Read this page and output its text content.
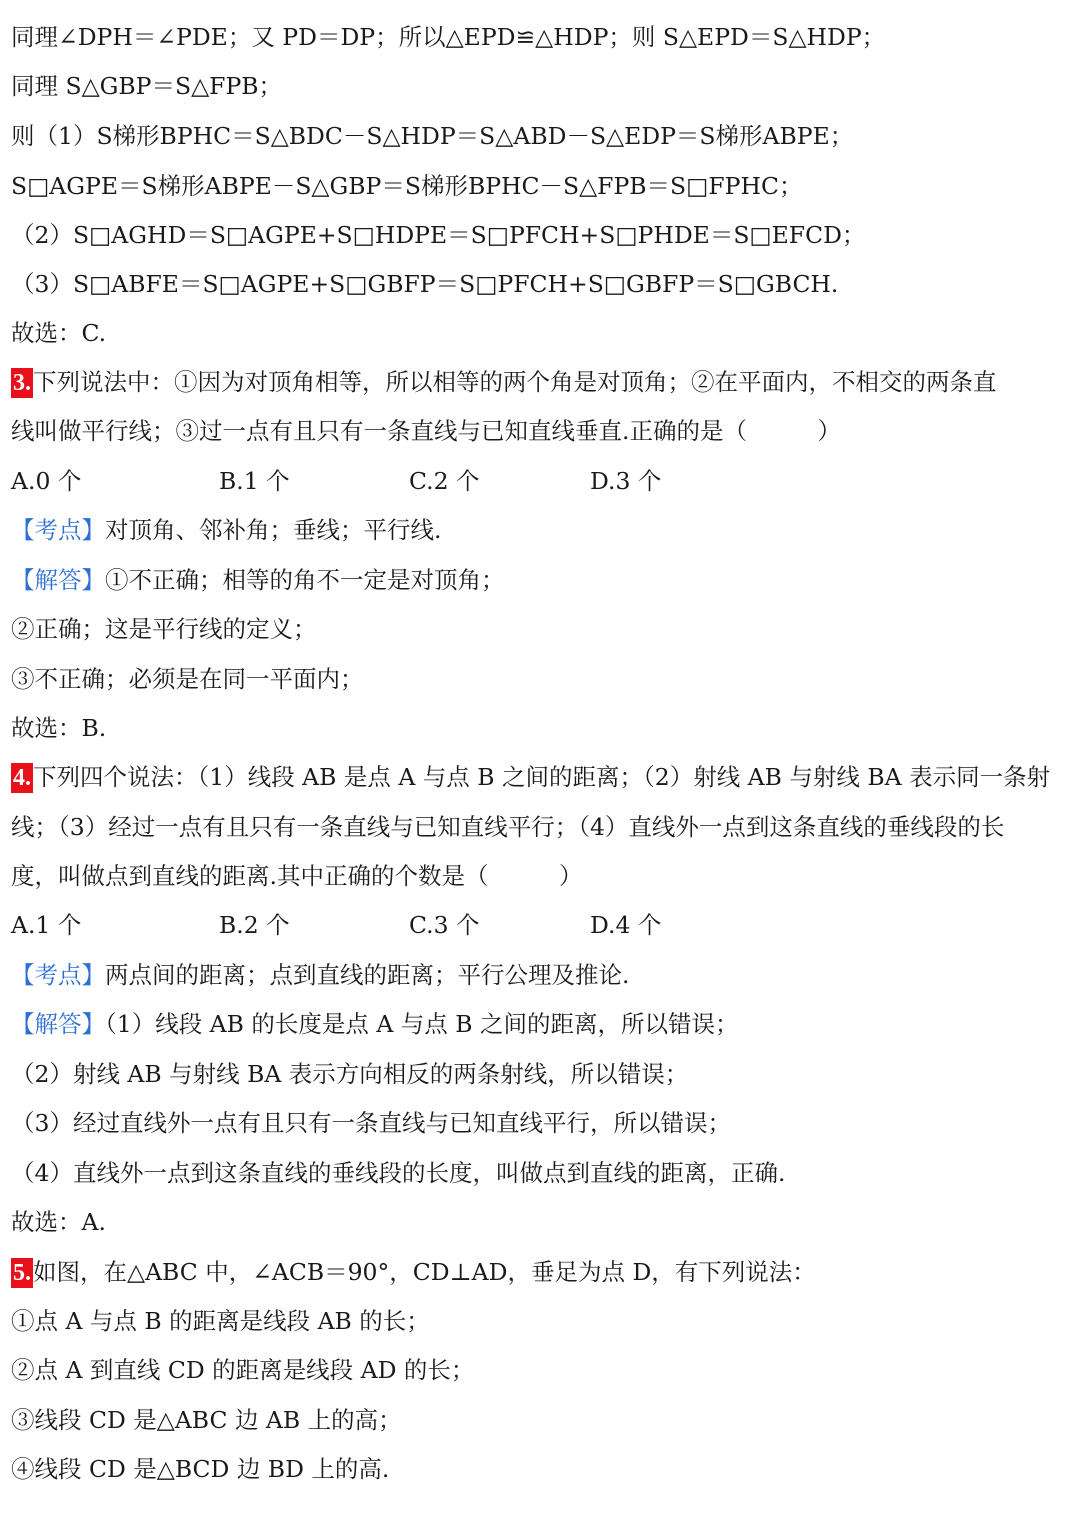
同理∠DPH＝∠PDE；又 PD＝DP；所以△EPD≌△HDP；则 S△EPD＝S△HDP；
同理 S△GBP＝S△FPB；
则（1）S梯形BPHC＝S△BDC－S△HDP＝S△ABD－S△EDP＝S梯形ABPE；
S□AGPE＝S梯形ABPE－S△GBP＝S梯形BPHC－S△FPB＝S□FPHC；
（2）S□AGHD＝S□AGPE+S□HDPE＝S□PFCH+S□PHDE＝S□EFCD；
（3）S□ABFE＝S□AGPE+S□GBFP＝S□PFCH+S□GBFP＝S□GBCH.
故选：C.
3.下列说法中：①因为对顶角相等，所以相等的两个角是对顶角；②在平面内，不相交的两条直
线叫做平行线；③过一点有且只有一条直线与已知直线垂直.正确的是（　　　）
A.0 个	B.1 个	C.2 个	D.3 个
【考点】对顶角、邻补角；垂线；平行线.
【解答】①不正确；相等的角不一定是对顶角；
②正确；这是平行线的定义；
③不正确；必须是在同一平面内；
故选：B.
4.下列四个说法：（1）线段 AB 是点 A 与点 B 之间的距离；（2）射线 AB 与射线 BA 表示同一条射
线；（3）经过一点有且只有一条直线与已知直线平行；（4）直线外一点到这条直线的垂线段的长
度，叫做点到直线的距离.其中正确的个数是（　　　）
A.1 个	B.2 个	C.3 个	D.4 个
【考点】两点间的距离；点到直线的距离；平行公理及推论.
【解答】（1）线段 AB 的长度是点 A 与点 B 之间的距离，所以错误；
（2）射线 AB 与射线 BA 表示方向相反的两条射线，所以错误；
（3）经过直线外一点有且只有一条直线与已知直线平行，所以错误；
（4）直线外一点到这条直线的垂线段的长度，叫做点到直线的距离，正确.
故选：A.
5.如图，在△ABC 中，∠ACB＝90°，CD⊥AD，垂足为点 D，有下列说法：
①点 A 与点 B 的距离是线段 AB 的长；
②点 A 到直线 CD 的距离是线段 AD 的长；
③线段 CD 是△ABC 边 AB 上的高；
④线段 CD 是△BCD 边 BD 上的高.
